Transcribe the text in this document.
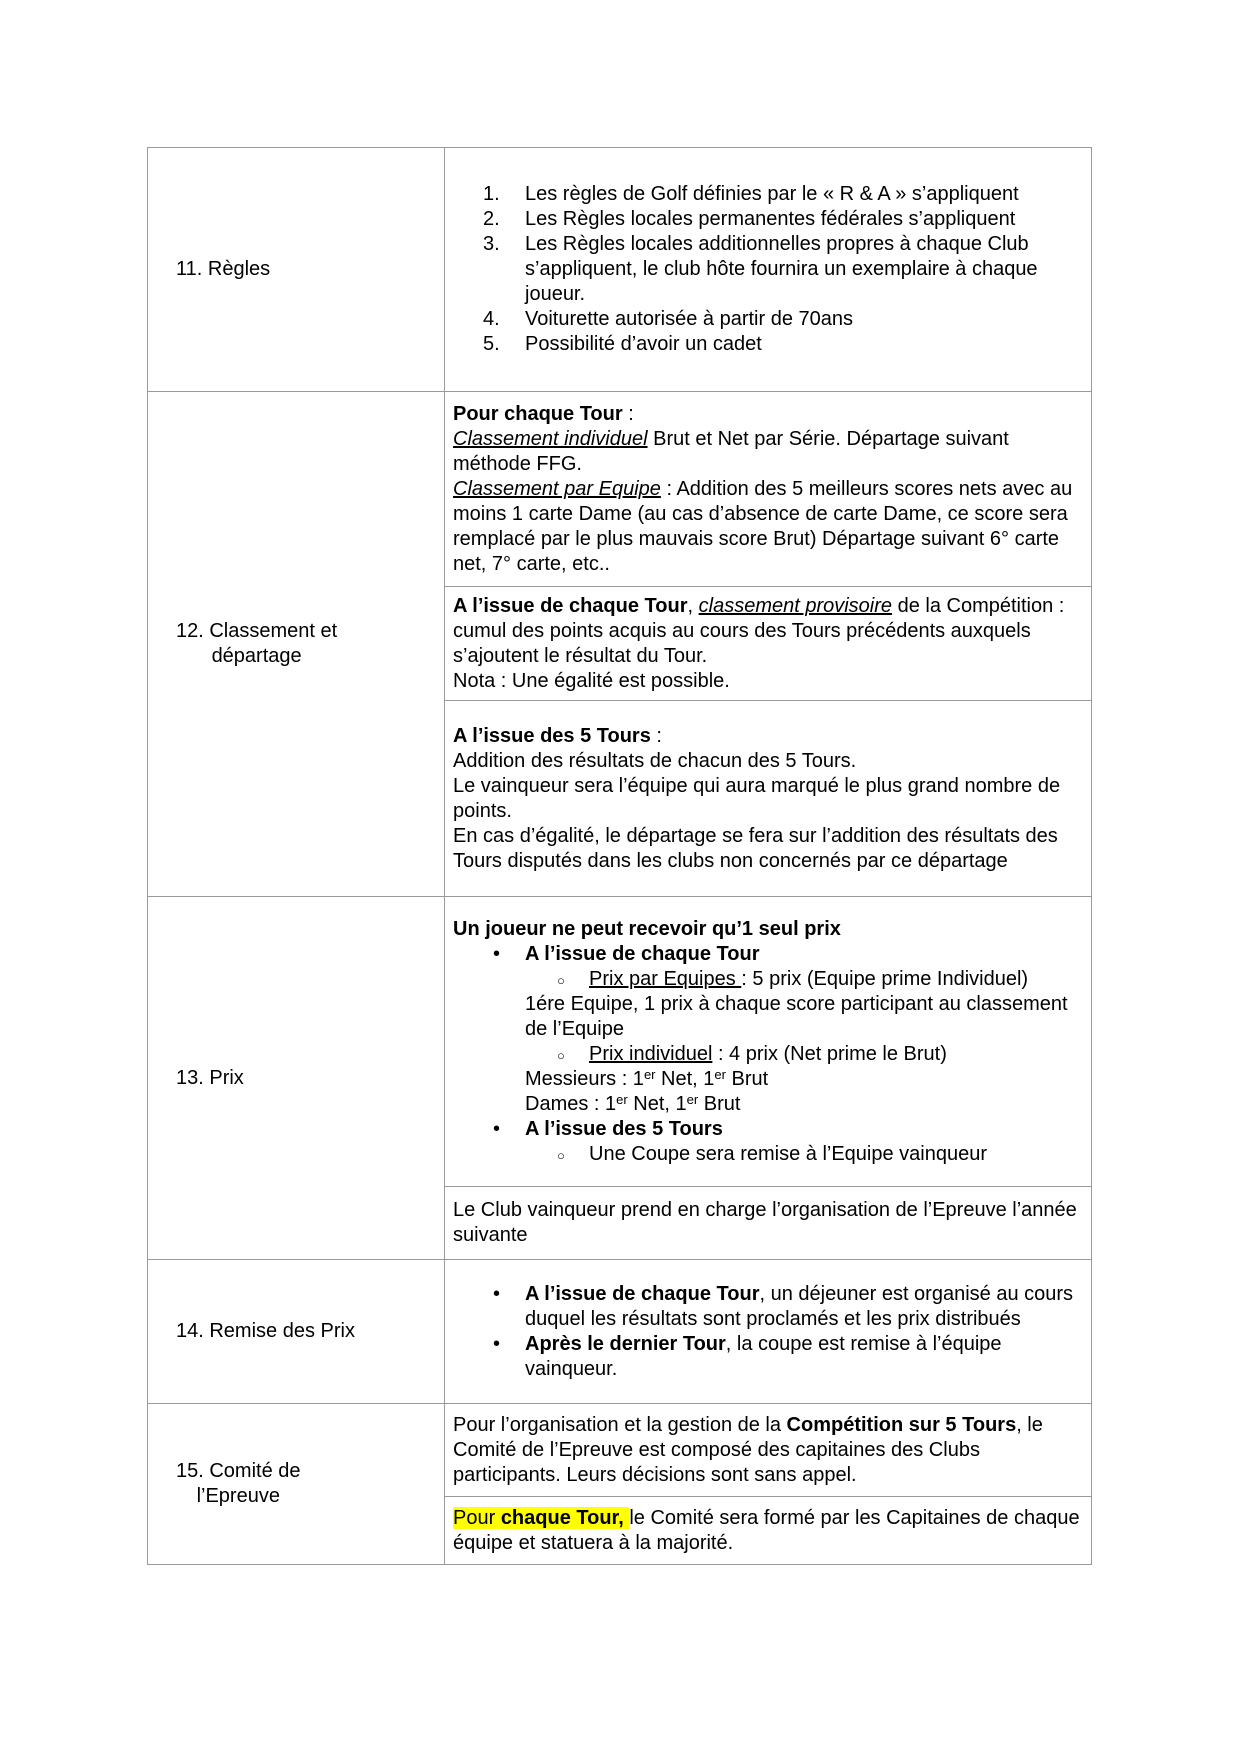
11. Règles

1. Les règles de Golf définies par le « R & A » s’appliquent

2. Les Règles locales permanentes fédérales s’appliquent

3. Les Règles locales additionnelles propres à chaque Club s’appliquent, le club hôte fournira un exemplaire à chaque joueur.

4. Voiturette autorisée à partir de 70ans

5. Possibilité d’avoir un cadet

12. Classement et
départage

Pour chaque Tour :

Classement individuel Brut et Net par Série. Départage suivant méthode FFG.

Classement par Equipe : Addition des 5 meilleurs scores nets avec au moins 1 carte Dame (au cas d’absence de carte Dame, ce score sera remplacé par le plus mauvais score Brut) Départage suivant 6° carte net, 7° carte, etc..

A l’issue de chaque Tour, classement provisoire de la Compétition : cumul des points acquis au cours des Tours précédents auxquels s’ajoutent le résultat du Tour.

Nota : Une égalité est possible.

A l’issue des 5 Tours :

Addition des résultats de chacun des 5 Tours.

Le vainqueur sera l’équipe qui aura marqué le plus grand nombre de points.

En cas d’égalité, le départage se fera sur l’addition des résultats des Tours disputés dans les clubs non concernés par ce départage

13. Prix

Un joueur ne peut recevoir qu’1 seul prix

• A l’issue de chaque Tour

○ Prix par Equipes : 5 prix (Equipe prime Individuel)

1ére Equipe, 1 prix à chaque score participant au classement de l’Equipe

○ Prix individuel : 4 prix (Net prime le Brut)

Messieurs : 1er Net, 1er Brut

Dames : 1er Net, 1er Brut

• A l’issue des 5 Tours

○ Une Coupe sera remise à l’Equipe vainqueur

Le Club vainqueur prend en charge l’organisation de l’Epreuve l’année suivante

14. Remise des Prix

• A l’issue de chaque Tour, un déjeuner est organisé au cours duquel les résultats sont proclamés et les prix distribués

• Après le dernier Tour, la coupe est remise à l’équipe vainqueur.

15. Comité de
l’Epreuve

Pour l’organisation et la gestion de la Compétition sur 5 Tours, le Comité de l’Epreuve est composé des capitaines des Clubs participants. Leurs décisions sont sans appel.

Pour chaque Tour, le Comité sera formé par les Capitaines de chaque équipe et statuera à la majorité.
